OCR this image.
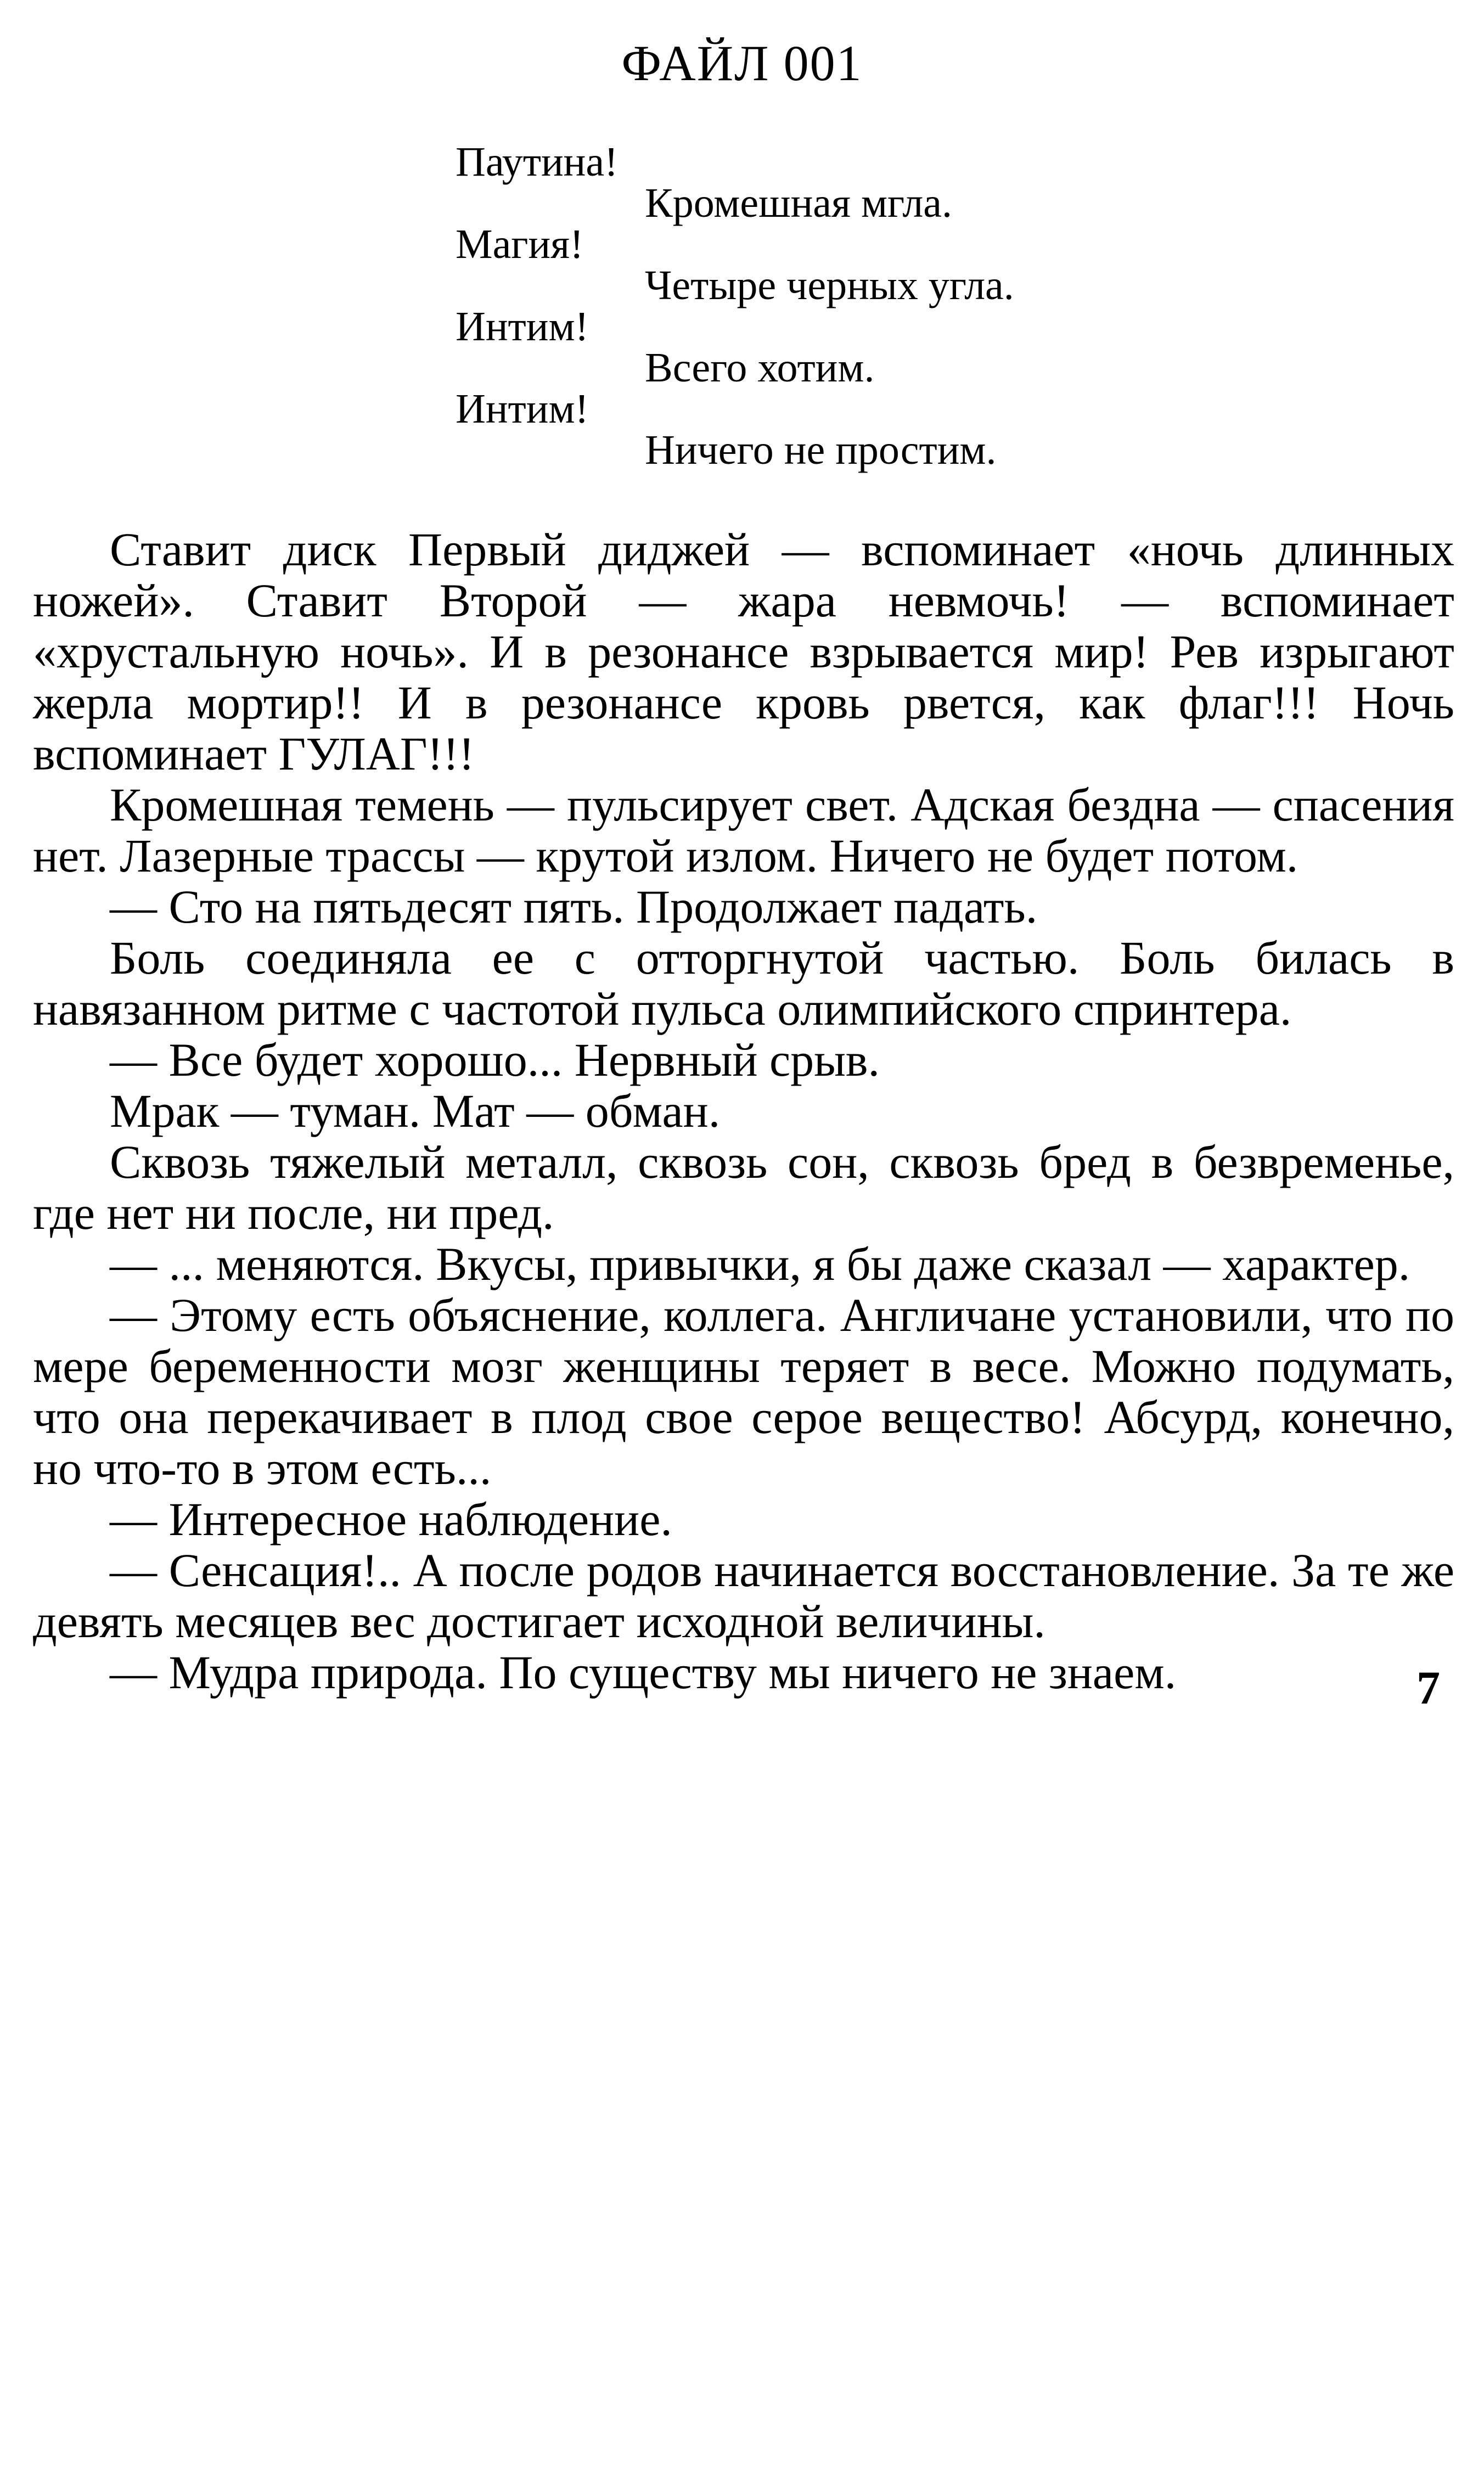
ФАЙЛ 001
Паутина!
Кромешная мгла.
Магия!
Четыре черных угла.
Интим!
Всего хотим.
Интим!
Ничего не простим.

Ставит диск Первый диджей — вспоминает «ночь длинных ножей». Ставит Второй — жара невмочь! — вспоминает «хрустальную ночь». И в резонансе взрывается мир! Рев изрыгают жерла мортир!! И в резонансе кровь рвется, как флаг!!! Ночь вспоминает ГУЛАГ!!!

Кромешная темень — пульсирует свет. Адская бездна — спасения нет. Лазерные трассы — крутой излом. Ничего не будет потом.

— Сто на пятьдесят пять. Продолжает падать.

Боль соединяла ее с отторгнутой частью. Боль билась в навязанном ритме с частотой пульса олимпийского спринтера.

— Все будет хорошо... Нервный срыв.

Мрак — туман. Мат — обман.

Сквозь тяжелый металл, сквозь сон, сквозь бред в безвременье, где нет ни после, ни пред.

— ... меняются. Вкусы, привычки, я бы даже сказал — характер.

— Этому есть объяснение, коллега. Англичане установили, что по мере беременности мозг женщины теряет в весе. Можно подумать, что она перекачивает в плод свое серое вещество! Абсурд, конечно, но что-то в этом есть...

— Интересное наблюдение.

— Сенсация!.. А после родов начинается восстановление. За те же девять месяцев вес достигает исходной величины.

— Мудра природа. По существу мы ничего не знаем.	7
